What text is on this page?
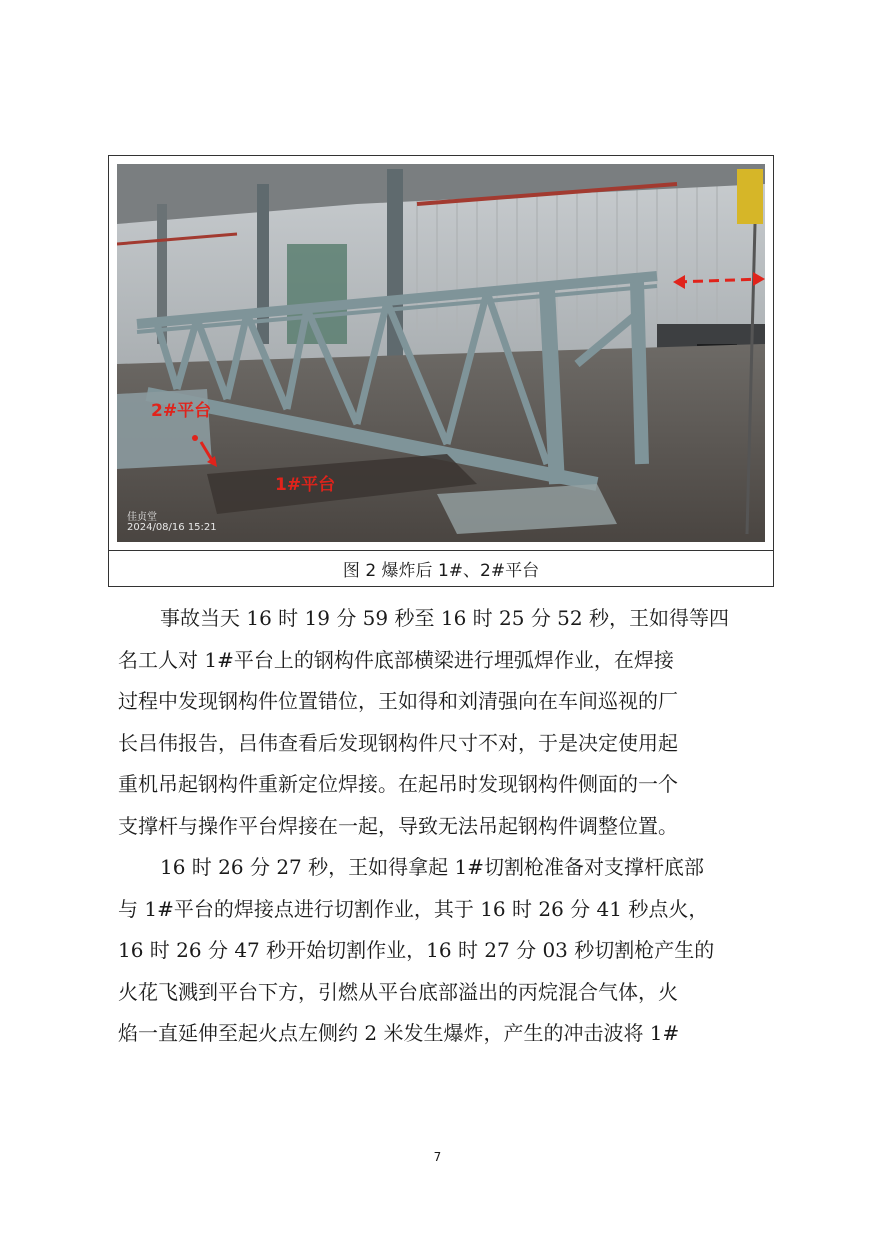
2#平台
1#平台
佳贞堂
2024/08/16 15:21
图 2 爆炸后 1#、2#平台
事故当天 16 时 19 分 59 秒至 16 时 25 分 52 秒，王如得等四
名工人对 1#平台上的钢构件底部横梁进行埋弧焊作业，在焊接
过程中发现钢构件位置错位，王如得和刘清强向在车间巡视的厂
长吕伟报告，吕伟查看后发现钢构件尺寸不对，于是决定使用起
重机吊起钢构件重新定位焊接。在起吊时发现钢构件侧面的一个
支撑杆与操作平台焊接在一起，导致无法吊起钢构件调整位置。
16 时 26 分 27 秒，王如得拿起 1#切割枪准备对支撑杆底部
与 1#平台的焊接点进行切割作业，其于 16 时 26 分 41 秒点火，
16 时 26 分 47 秒开始切割作业，16 时 27 分 03 秒切割枪产生的
火花飞溅到平台下方，引燃从平台底部溢出的丙烷混合气体，火
焰一直延伸至起火点左侧约 2 米发生爆炸，产生的冲击波将 1#
7
